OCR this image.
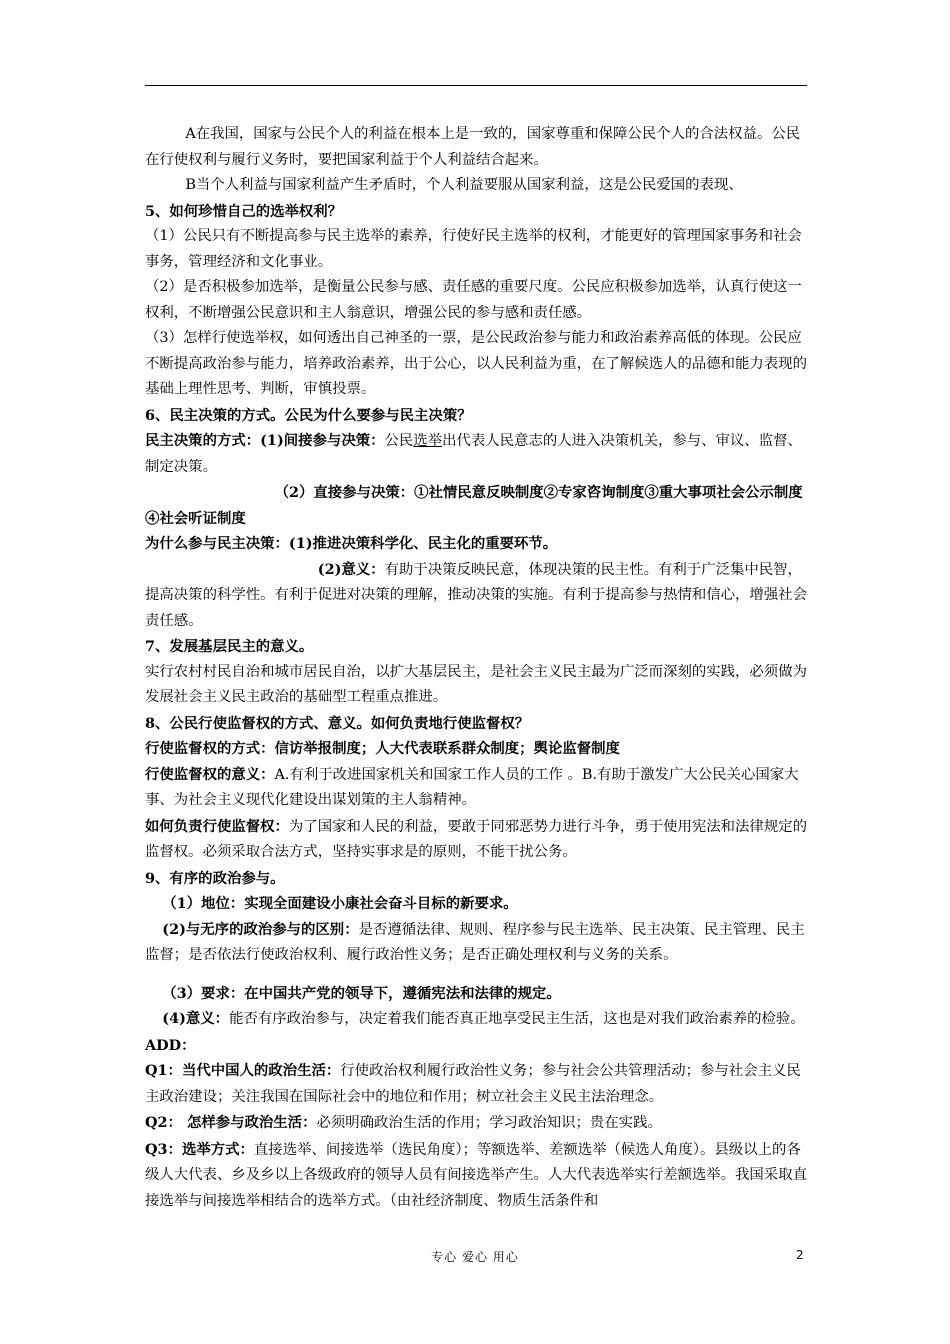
A在我国，国家与公民个人的利益在根本上是一致的，国家尊重和保障公民个人的合法权益。公民在行使权利与履行义务时，要把国家利益于个人利益结合起来。

B当个人利益与国家利益产生矛盾时，个人利益要服从国家利益，这是公民爱国的表现、

5、如何珍惜自己的选举权利？

（1）公民只有不断提高参与民主选举的素养，行使好民主选举的权利，才能更好的管理国家事务和社会事务，管理经济和文化事业。

（2）是否积极参加选举，是衡量公民参与感、责任感的重要尺度。公民应积极参加选举，认真行使这一权利，不断增强公民意识和主人翁意识，增强公民的参与感和责任感。

（3）怎样行使选举权，如何透出自己神圣的一票，是公民政治参与能力和政治素养高低的体现。公民应不断提高政治参与能力，培养政治素养，出于公心，以人民利益为重，在了解候选人的品德和能力表现的基础上理性思考、判断，审慎投票。

6、民主决策的方式。公民为什么要参与民主决策？

民主决策的方式：(1)间接参与决策：公民选举出代表人民意志的人进入决策机关，参与、审议、监督、制定决策。

（2）直接参与决策：①社情民意反映制度②专家咨询制度③重大事项社会公示制度④社会听证制度

为什么参与民主决策：(1)推进决策科学化、民主化的重要环节。

(2)意义：有助于决策反映民意，体现决策的民主性。有利于广泛集中民智，提高决策的科学性。有利于促进对决策的理解，推动决策的实施。有利于提高参与热情和信心，增强社会责任感。

7、发展基层民主的意义。

实行农村村民自治和城市居民自治，以扩大基层民主，是社会主义民主最为广泛而深刻的实践，必须做为发展社会主义民主政治的基础型工程重点推进。

8、公民行使监督权的方式、意义。如何负责地行使监督权？

行使监督权的方式：信访举报制度；人大代表联系群众制度；舆论监督制度

行使监督权的意义：A.有利于改进国家机关和国家工作人员的工作 。B.有助于激发广大公民关心国家大事、为社会主义现代化建设出谋划策的主人翁精神。

如何负责行使监督权：为了国家和人民的利益，要敢于同邪恶势力进行斗争，勇于使用宪法和法律规定的监督权。必须采取合法方式，坚持实事求是的原则，不能干扰公务。

9、有序的政治参与。

（1）地位：实现全面建设小康社会奋斗目标的新要求。

(2)与无序的政治参与的区别：是否遵循法律、规则、程序参与民主选举、民主决策、民主管理、民主监督；是否依法行使政治权利、履行政治性义务；是否正确处理权利与义务的关系。

（3）要求：在中国共产党的领导下，遵循宪法和法律的规定。

(4)意义：能否有序政治参与，决定着我们能否真正地享受民主生活，这也是对我们政治素养的检验。

ADD：

Q1：当代中国人的政治生活：行使政治权利履行政治性义务；参与社会公共管理活动；参与社会主义民主政治建设；关注我国在国际社会中的地位和作用；树立社会主义民主法治理念。

Q2： 怎样参与政治生活：必须明确政治生活的作用；学习政治知识；贵在实践。

Q3：选举方式：直接选举、间接选举（选民角度）；等额选举、差额选举（候选人角度）。县级以上的各级人大代表、乡及乡以上各级政府的领导人员有间接选举产生。人大代表选举实行差额选举。我国采取直接选举与间接选举相结合的选举方式。（由社经济制度、物质生活条件和

专心 爱心 用心	2
